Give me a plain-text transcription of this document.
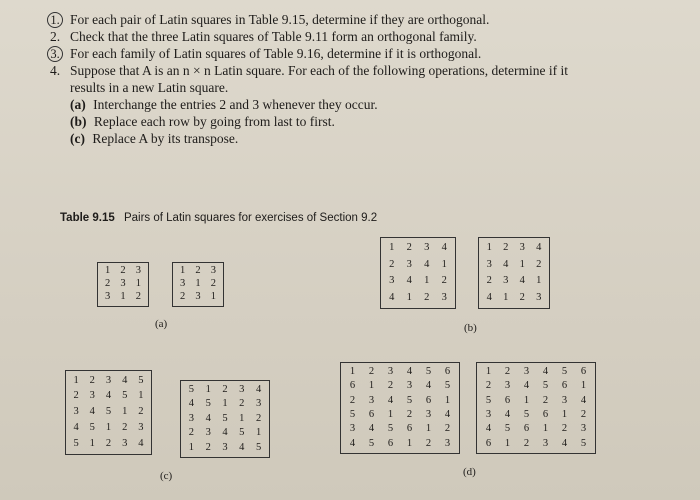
1. For each pair of Latin squares in Table 9.15, determine if they are orthogonal.
2. Check that the three Latin squares of Table 9.11 form an orthogonal family.
3. For each family of Latin squares of Table 9.16, determine if it is orthogonal.
4. Suppose that A is an n × n Latin square. For each of the following operations, determine if it
results in a new Latin square.
(a) Interchange the entries 2 and 3 whenever they occur.
(b) Replace each row by going from last to first.
(c) Replace A by its transpose.
Table 9.15 Pairs of Latin squares for exercises of Section 9.2
1 2 3
2 3 1
3 1 2
1 2 3
3 1 2
2 3 1
1 2 3 4
2 3 4 1
3 4 1 2
4 1 2 3
1 2 3 4
3 4 1 2
2 3 4 1
4 1 2 3
1 2 3 4 5
2 3 4 5 1
3 4 5 1 2
4 5 1 2 3
5 1 2 3 4
5 1 2 3 4
4 5 1 2 3
3 4 5 1 2
2 3 4 5 1
1 2 3 4 5
1 2 3 4 5 6
6 1 2 3 4 5
2 3 4 5 6 1
5 6 1 2 3 4
3 4 5 6 1 2
4 5 6 1 2 3
1 2 3 4 5 6
2 3 4 5 6 1
5 6 1 2 3 4
3 4 5 6 1 2
4 5 6 1 2 3
6 1 2 3 4 5
(a)	(b)
(c)	(d)
